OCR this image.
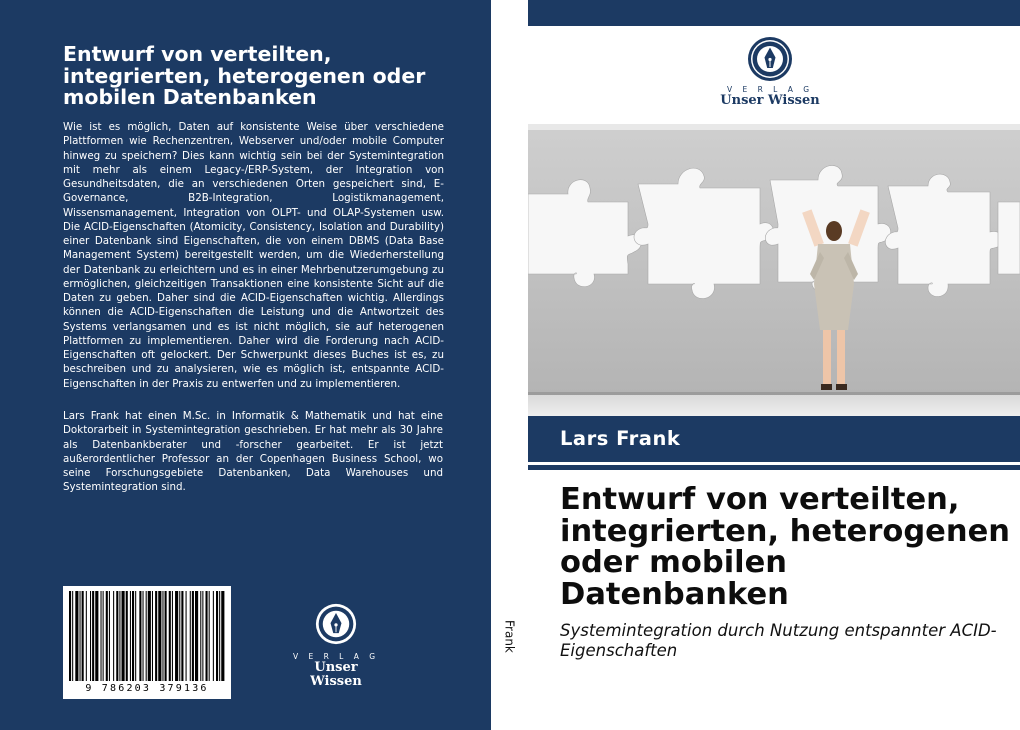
Entwurf von verteilten, integrierten, heterogenen oder mobilen Datenbanken
Wie ist es möglich, Daten auf konsistente Weise über verschiedene Plattformen wie Rechenzentren, Webserver und/oder mobile Computer hinweg zu speichern? Dies kann wichtig sein bei der Systemintegration mit mehr als einem Legacy-/ERP-System, der Integration von Gesundheitsdaten, die an verschiedenen Orten gespeichert sind, E-Governance, B2B-Integration, Logistikmanagement, Wissensmanagement, Integration von OLPT- und OLAP-Systemen usw. Die ACID-Eigenschaften (Atomicity, Consistency, Isolation and Durability) einer Datenbank sind Eigenschaften, die von einem DBMS (Data Base Management System) bereitgestellt werden, um die Wiederherstellung der Datenbank zu erleichtern und es in einer Mehrbenutzerumgebung zu ermöglichen, gleichzeitigen Transaktionen eine konsistente Sicht auf die Daten zu geben. Daher sind die ACID-Eigenschaften wichtig. Allerdings können die ACID-Eigenschaften die Leistung und die Antwortzeit des Systems verlangsamen und es ist nicht möglich, sie auf heterogenen Plattformen zu implementieren. Daher wird die Forderung nach ACID-Eigenschaften oft gelockert. Der Schwerpunkt dieses Buches ist es, zu beschreiben und zu analysieren, wie es möglich ist, entspannte ACID-Eigenschaften in der Praxis zu entwerfen und zu implementieren.
Lars Frank hat einen M.Sc. in Informatik & Mathematik und hat eine Doktorarbeit in Systemintegration geschrieben. Er hat mehr als 30 Jahre als Datenbankberater und -forscher gearbeitet. Er ist jetzt außerordentlicher Professor an der Copenhagen Business School, wo seine Forschungsgebiete Datenbanken, Data Warehouses und Systemintegration sind.
9 786203 379136
V E R L A G
Unser Wissen
Frank
V E R L A G
Unser Wissen
Lars Frank
Entwurf von verteilten, integrierten, heterogenen oder mobilen Datenbanken
Systemintegration durch Nutzung entspannter ACID-Eigenschaften
